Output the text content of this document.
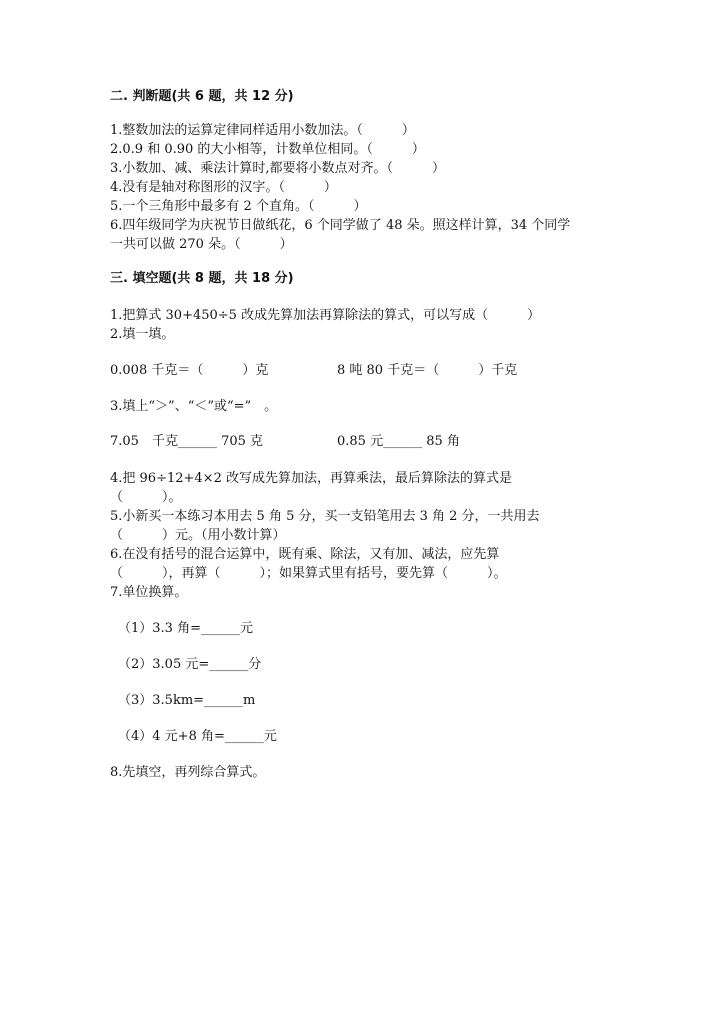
二. 判断题(共 6 题，共 12 分)
1.整数加法的运算定律同样适用小数加法。（　　　）
2.0.9 和 0.90 的大小相等，计数单位相同。（　　　）
3.小数加、减、乘法计算时,都要将小数点对齐。（　　　）
4.没有是轴对称图形的汉字。（　　　）
5.一个三角形中最多有 2 个直角。（　　　）
6.四年级同学为庆祝节日做纸花，6 个同学做了 48 朵。照这样计算，34 个同学
一共可以做 270 朵。（　　　）
三. 填空题(共 8 题，共 18 分)
1.把算式 30+450÷5 改成先算加法再算除法的算式，可以写成（　　　）
2.填一填。
0.008 千克＝（　　　）克	8 吨 80 千克＝（　　　）千克
3.填上“＞”、“＜”或“=”　。
7.05　千克______ 705 克	0.85 元______ 85 角
4.把 96÷12+4×2 改写成先算加法，再算乘法，最后算除法的算式是
（　　　）。
5.小新买一本练习本用去 5 角 5 分，买一支铅笔用去 3 角 2 分，一共用去
（　　　）元。（用小数计算）
6.在没有括号的混合运算中，既有乘、除法，又有加、减法，应先算
（　　　），再算（　　　）；如果算式里有括号，要先算（　　　）。
7.单位换算。
（1）3.3 角=______元
（2）3.05 元=______分
（3）3.5km=______m
（4）4 元+8 角=______元
8.先填空，再列综合算式。
